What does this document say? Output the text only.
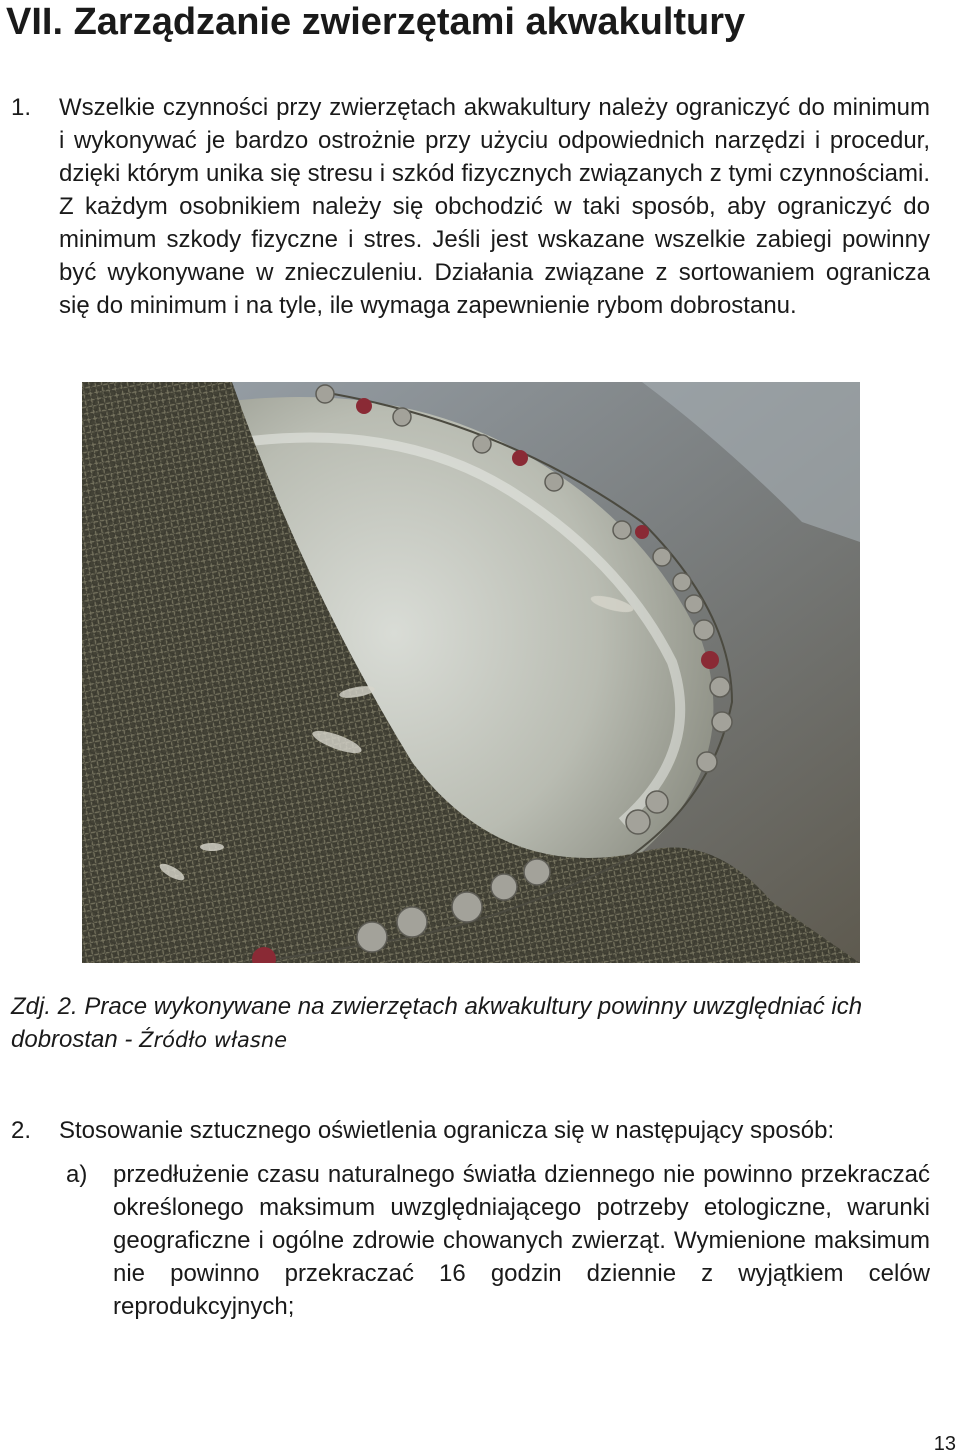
VII. Zarządzanie zwierzętami akwakultury
1. Wszelkie czynności przy zwierzętach akwakultury należy ograniczyć do minimum i wykonywać je bardzo ostrożnie przy użyciu odpowiednich narzędzi i procedur, dzięki którym unika się stresu i szkód fizycznych związanych z tymi czynnościami. Z każdym osobnikiem należy się obchodzić w taki sposób, aby ograniczyć do minimum szkody fizyczne i stres. Jeśli jest wskazane wszelkie zabiegi powinny być wykonywane w znieczuleniu. Działania związane z sortowaniem ogranicza się do minimum i na tyle, ile wymaga zapewnienie rybom dobrostanu.

Zdj. 2. Prace wykonywane na zwierzętach akwakultury powinny uwzględniać ich dobrostan - Źródło własne

2. Stosowanie sztucznego oświetlenia ogranicza się w następujący sposób:

a) przedłużenie czasu naturalnego światła dziennego nie powinno przekraczać określonego maksimum uwzględniającego potrzeby etologiczne, warunki geograficzne i ogólne zdrowie chowanych zwierząt. Wymienione maksimum nie powinno przekraczać 16 godzin dziennie z wyjątkiem celów reprodukcyjnych;

13
